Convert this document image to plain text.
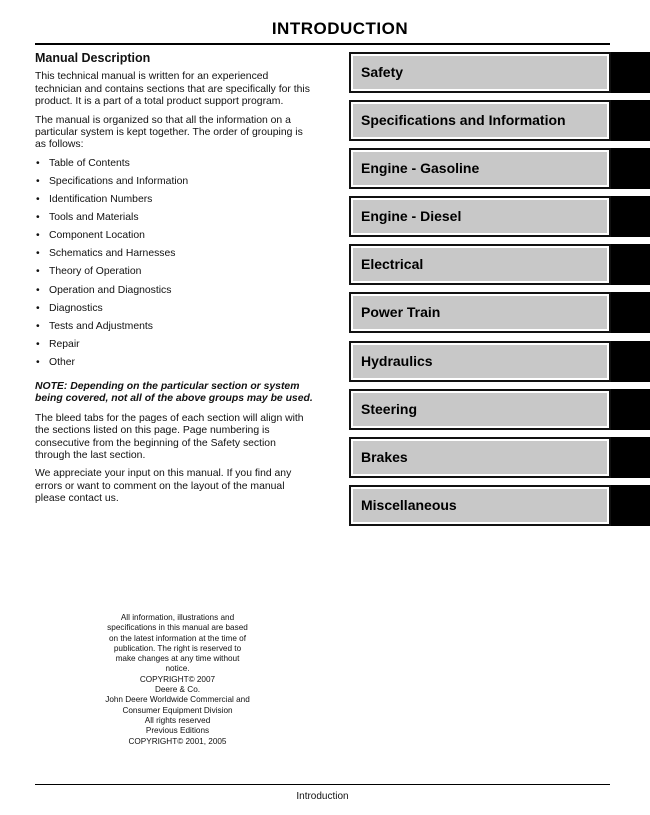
INTRODUCTION
Manual Description

This technical manual is written for an experienced technician and contains sections that are specifically for this product. It is a part of a total product support program.

The manual is organized so that all the information on a particular system is kept together. The order of grouping is as follows:

• Table of Contents
• Specifications and Information
• Identification Numbers
• Tools and Materials
• Component Location
• Schematics and Harnesses
• Theory of Operation
• Operation and Diagnostics
• Diagnostics
• Tests and Adjustments
• Repair
• Other

NOTE: Depending on the particular section or system being covered, not all of the above groups may be used.

The bleed tabs for the pages of each section will align with the sections listed on this page. Page numbering is consecutive from the beginning of the Safety section through the last section.

We appreciate your input on this manual. If you find any errors or want to comment on the layout of the manual please contact us.

Safety
Specifications and Information
Engine - Gasoline
Engine - Diesel
Electrical
Power Train
Hydraulics
Steering
Brakes
Miscellaneous
All information, illustrations and
specifications in this manual are based
on the latest information at the time of
publication. The right is reserved to
make changes at any time without
notice.
COPYRIGHT© 2007
Deere & Co.
John Deere Worldwide Commercial and
Consumer Equipment Division
All rights reserved
Previous Editions
COPYRIGHT© 2001, 2005
Introduction
